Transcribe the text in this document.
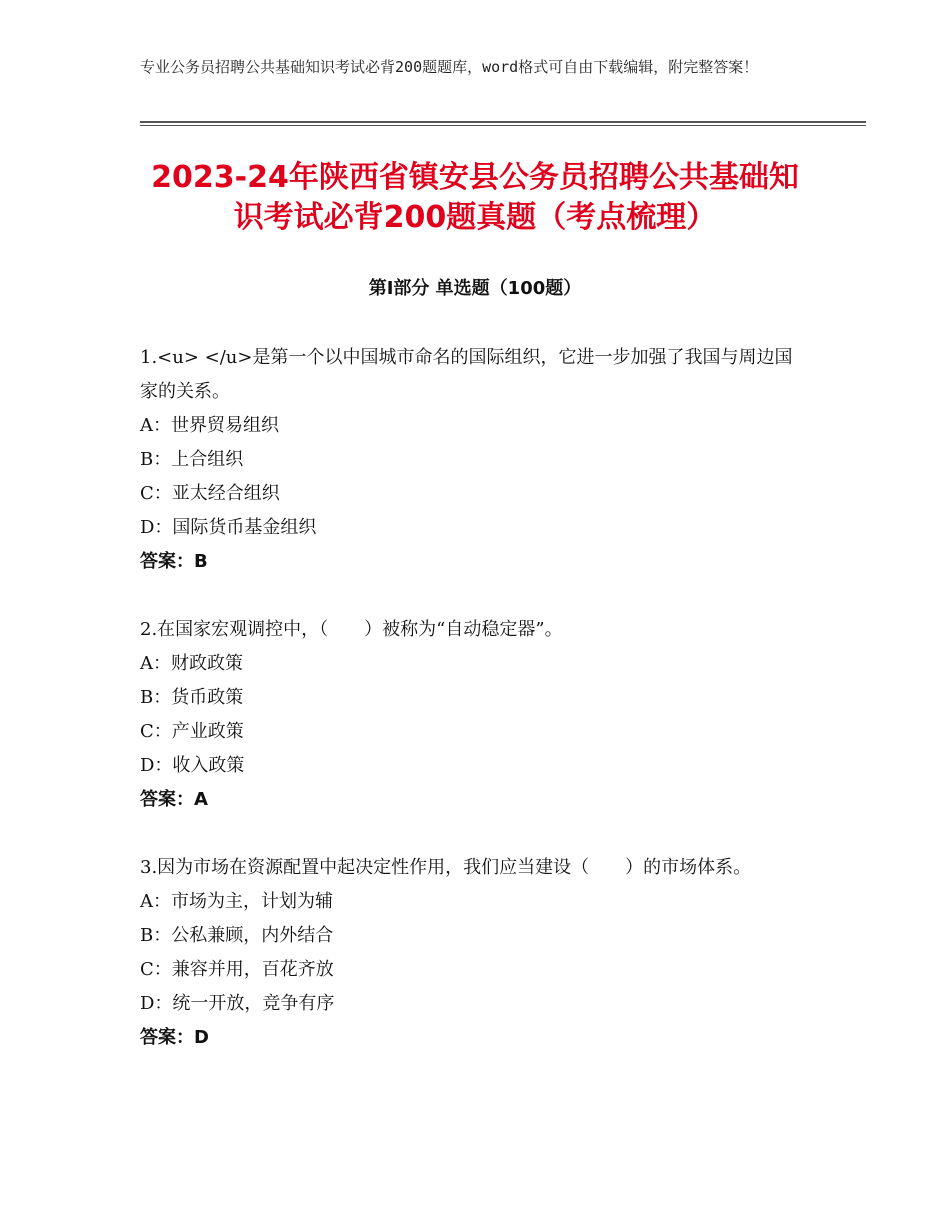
专业公务员招聘公共基础知识考试必背200题题库，word格式可自由下载编辑，附完整答案！
2023-24年陕西省镇安县公务员招聘公共基础知识考试必背200题真题（考点梳理）
第Ⅰ部分 单选题（100题）

1.<u> </u>是第一个以中国城市命名的国际组织，它进一步加强了我国与周边国家的关系。

A：世界贸易组织

B：上合组织

C：亚太经合组织

D：国际货币基金组织

答案：B

2.在国家宏观调控中，（　　）被称为“自动稳定器”。

A：财政政策

B：货币政策

C：产业政策

D：收入政策

答案：A

3.因为市场在资源配置中起决定性作用，我们应当建设（　　）的市场体系。

A：市场为主，计划为辅

B：公私兼顾，内外结合

C：兼容并用，百花齐放

D：统一开放，竞争有序

答案：D
